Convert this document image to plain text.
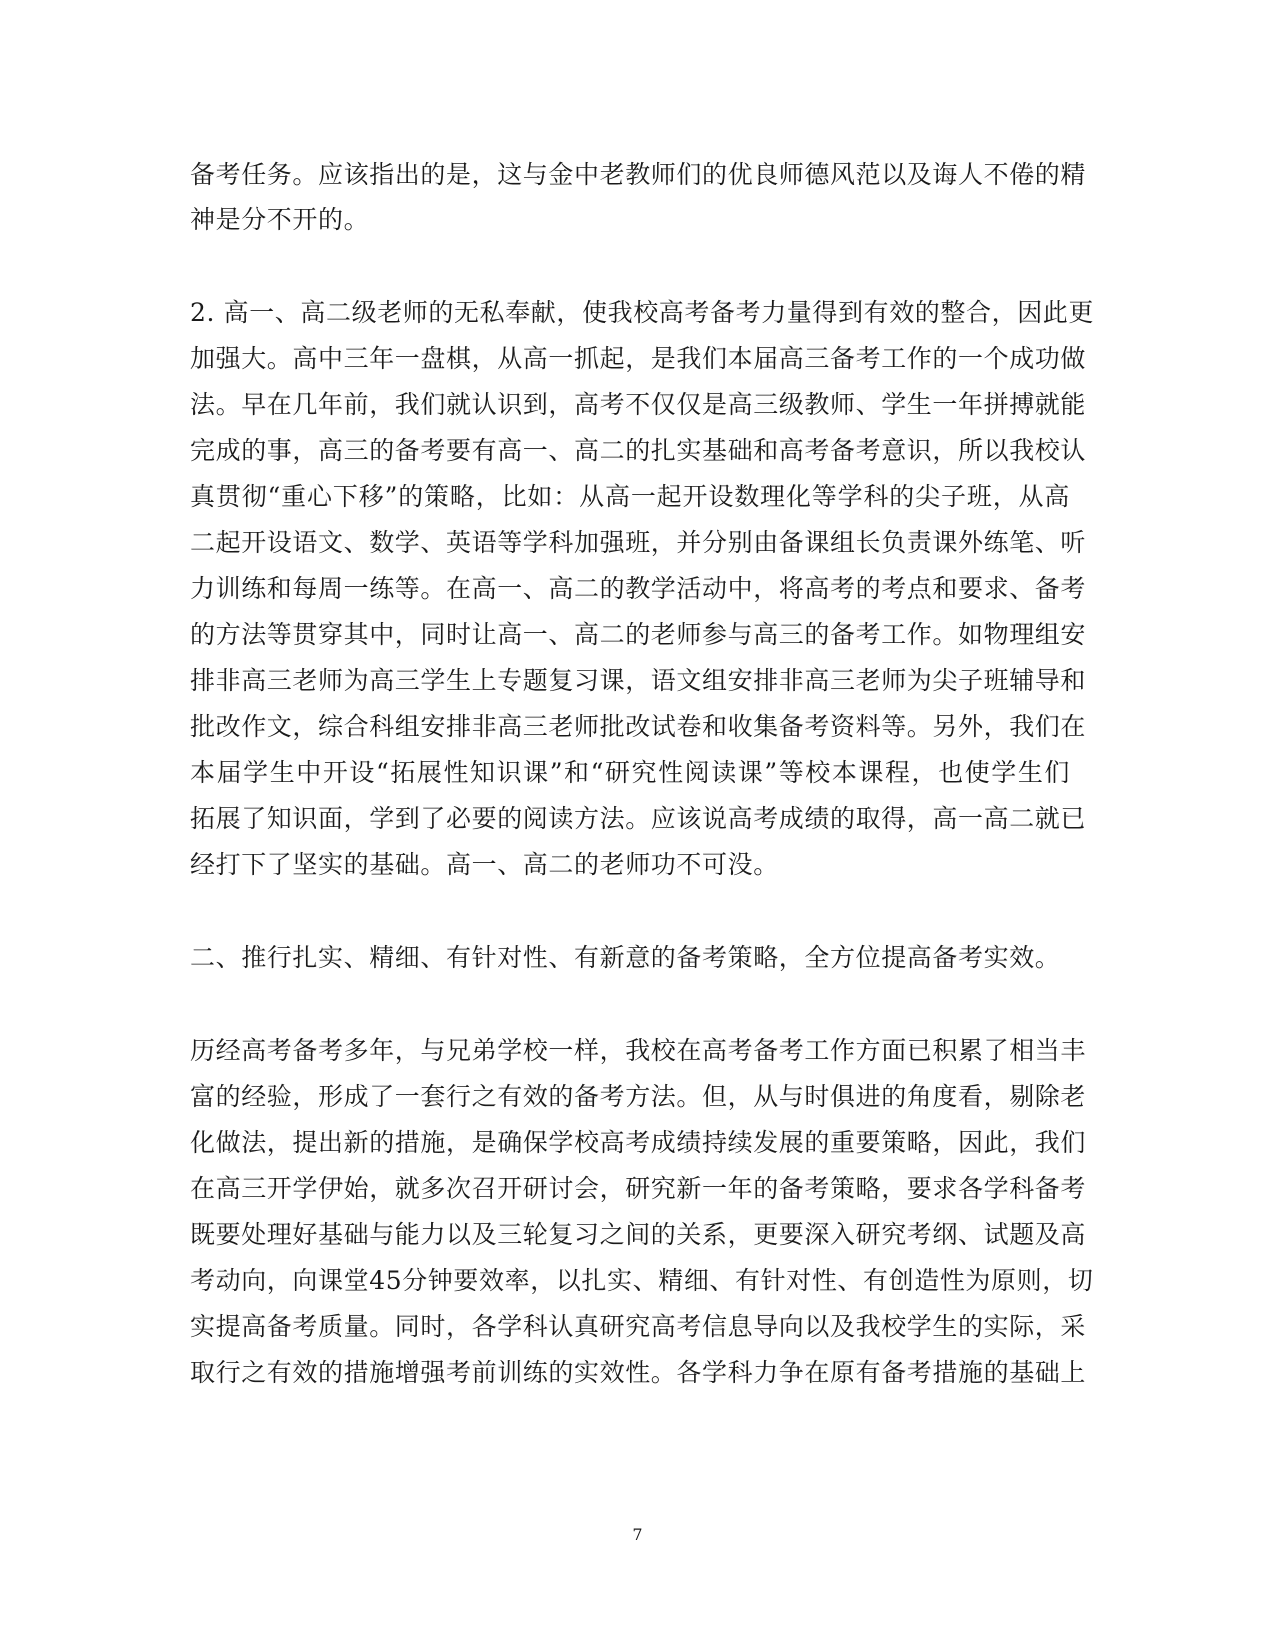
备考任务。应该指出的是，这与金中老教师们的优良师德风范以及诲人不倦的精
神是分不开的。
2. 高一、高二级老师的无私奉献，使我校高考备考力量得到有效的整合，因此更
加强大。高中三年一盘棋，从高一抓起，是我们本届高三备考工作的一个成功做
法。早在几年前，我们就认识到，高考不仅仅是高三级教师、学生一年拼搏就能
完成的事，高三的备考要有高一、高二的扎实基础和高考备考意识，所以我校认
真贯彻“重心下移”的策略，比如：从高一起开设数理化等学科的尖子班，从高
二起开设语文、数学、英语等学科加强班，并分别由备课组长负责课外练笔、听
力训练和每周一练等。在高一、高二的教学活动中，将高考的考点和要求、备考
的方法等贯穿其中，同时让高一、高二的老师参与高三的备考工作。如物理组安
排非高三老师为高三学生上专题复习课，语文组安排非高三老师为尖子班辅导和
批改作文，综合科组安排非高三老师批改试卷和收集备考资料等。另外，我们在
本届学生中开设“拓展性知识课”和“研究性阅读课”等校本课程，也使学生们
拓展了知识面，学到了必要的阅读方法。应该说高考成绩的取得，高一高二就已
经打下了坚实的基础。高一、高二的老师功不可没。
二、推行扎实、精细、有针对性、有新意的备考策略，全方位提高备考实效。
历经高考备考多年，与兄弟学校一样，我校在高考备考工作方面已积累了相当丰
富的经验，形成了一套行之有效的备考方法。但，从与时俱进的角度看，剔除老
化做法，提出新的措施，是确保学校高考成绩持续发展的重要策略，因此，我们
在高三开学伊始，就多次召开研讨会，研究新一年的备考策略，要求各学科备考
既要处理好基础与能力以及三轮复习之间的关系，更要深入研究考纲、试题及高
考动向，向课堂45分钟要效率，以扎实、精细、有针对性、有创造性为原则，切
实提高备考质量。同时，各学科认真研究高考信息导向以及我校学生的实际，采
取行之有效的措施增强考前训练的实效性。各学科力争在原有备考措施的基础上
7
